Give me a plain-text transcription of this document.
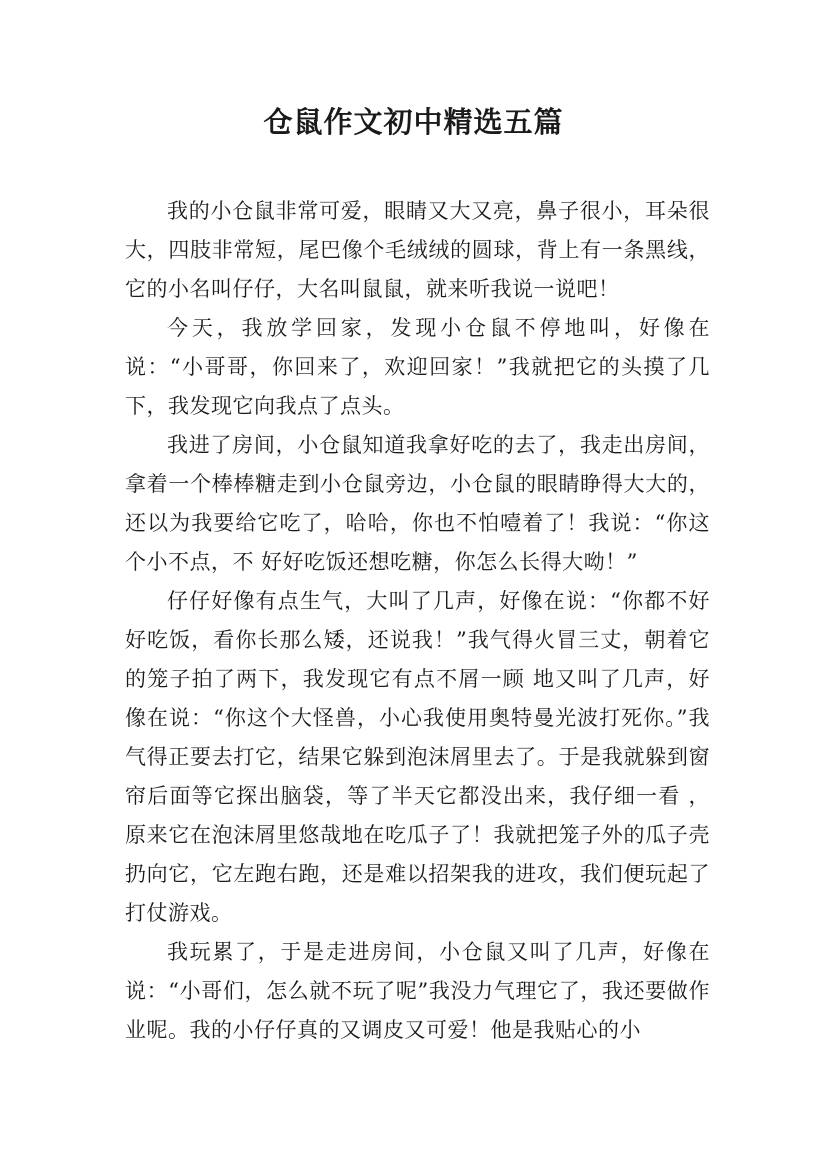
仓鼠作文初中精选五篇

我的小仓鼠非常可爱，眼睛又大又亮，鼻子很小，耳朵很大，四肢非常短，尾巴像个毛绒绒的圆球，背上有一条黑线，它的小名叫仔仔，大名叫鼠鼠，就来听我说一说吧！

今天，我放学回家，发现小仓鼠不停地叫，好像在说：“小哥哥，你回来了，欢迎回家！”我就把它的头摸了几下，我发现它向我点了点头。

我进了房间，小仓鼠知道我拿好吃的去了，我走出房间，拿着一个棒棒糖走到小仓鼠旁边，小仓鼠的眼睛睁得大大的，还以为我要给它吃了，哈哈，你也不怕噎着了！我说：“你这个小不点，不 好好吃饭还想吃糖，你怎么长得大呦！”

仔仔好像有点生气，大叫了几声，好像在说：“你都不好好吃饭，看你长那么矮，还说我！”我气得火冒三丈，朝着它的笼子拍了两下，我发现它有点不屑一顾 地又叫了几声，好像在说：“你这个大怪兽，小心我使用奥特曼光波打死你。”我气得正要去打它，结果它躲到泡沫屑里去了。于是我就躲到窗帘后面等它探出脑袋，等了半天它都没出来，我仔细一看 ，原来它在泡沫屑里悠哉地在吃瓜子了！我就把笼子外的瓜子壳扔向它，它左跑右跑，还是难以招架我的进攻，我们便玩起了打仗游戏。

我玩累了，于是走进房间，小仓鼠又叫了几声，好像在说：“小哥们，怎么就不玩了呢”我没力气理它了，我还要做作业呢。我的小仔仔真的又调皮又可爱！他是我贴心的小
